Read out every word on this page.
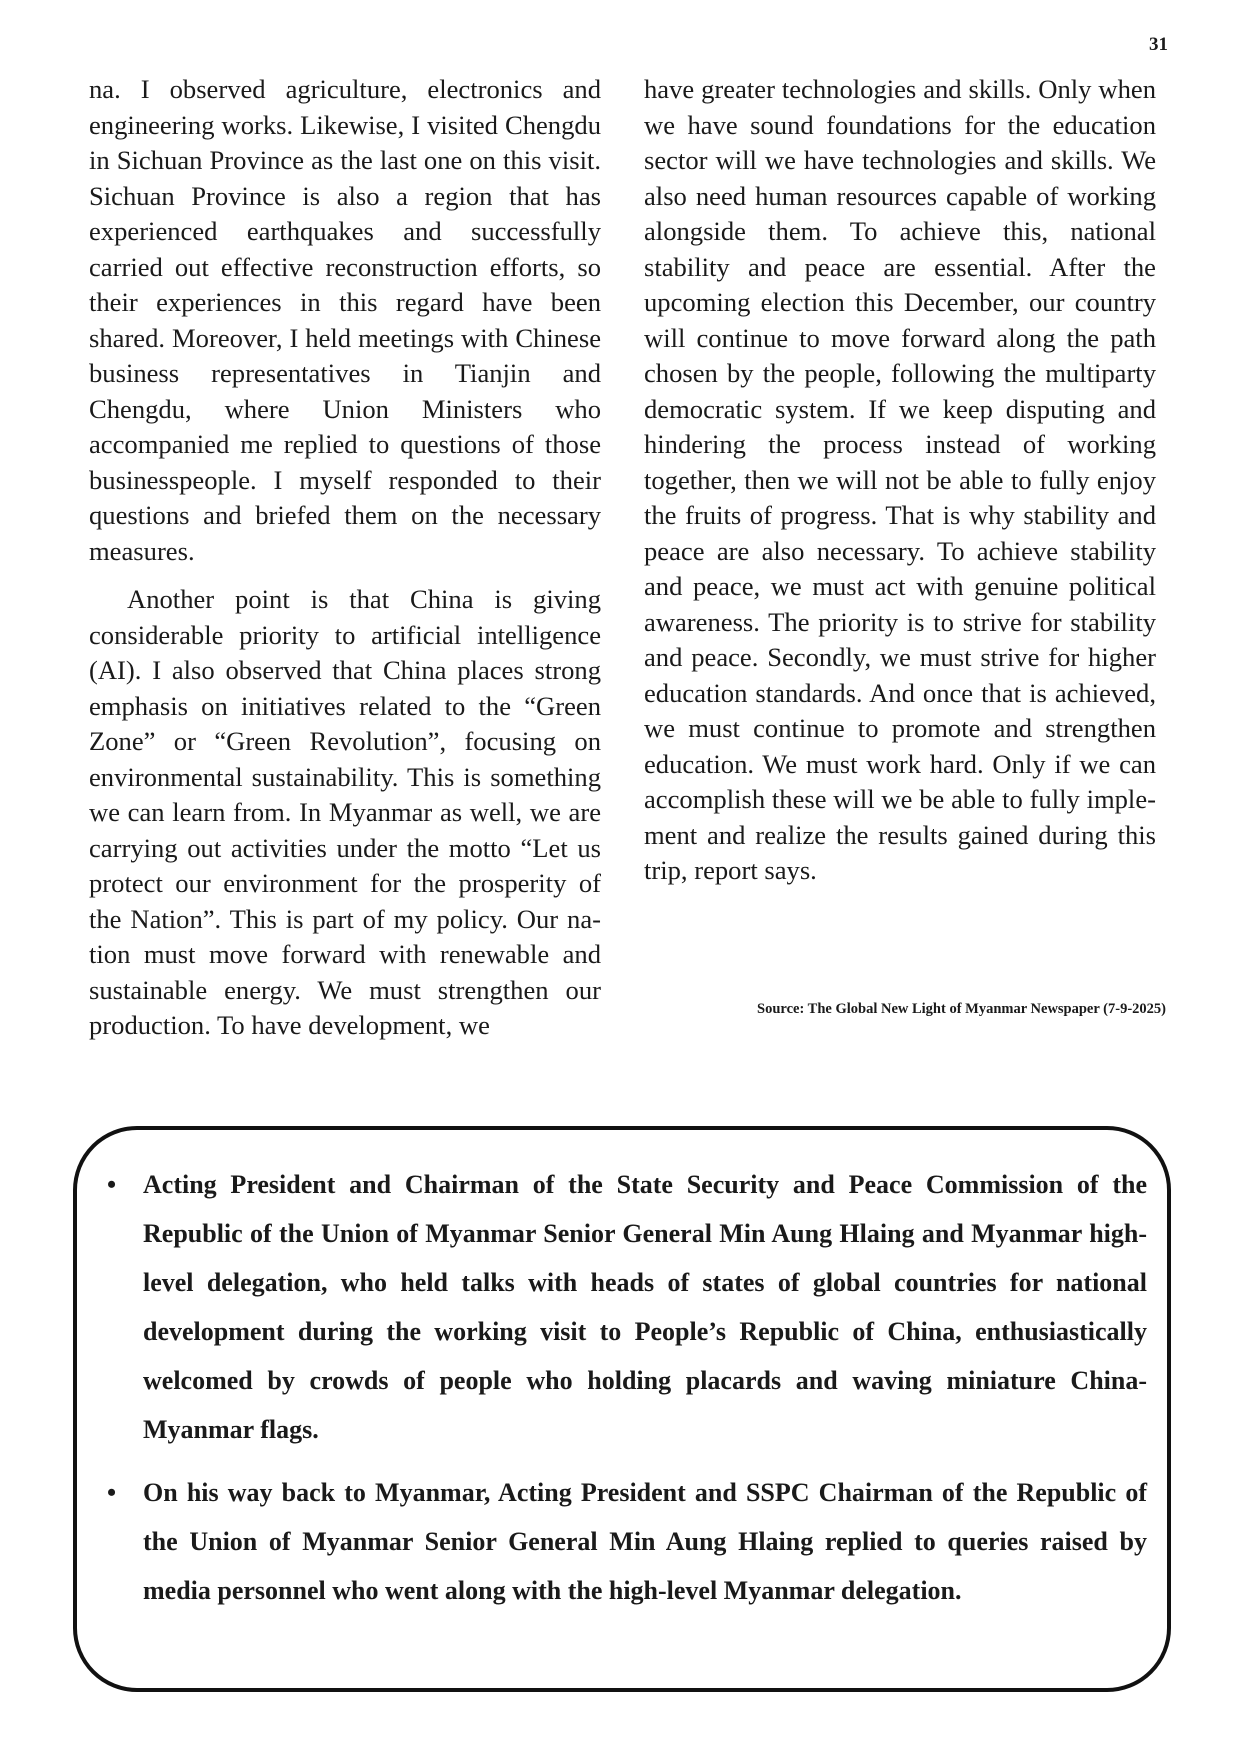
31

na. I observed agriculture, electronics and engineering works. Likewise, I visited Chengdu in Sichuan Province as the last one on this visit. Sichuan Province is also a region that has experienced earthquakes and successfully carried out effective reconstruction efforts, so their experiences in this regard have been shared. Moreover, I held meetings with Chinese business representatives in Tianjin and Chengdu, where Union Ministers who accompanied me replied to questions of those businesspeople. I myself responded to their questions and briefed them on the necessary measures.

Another point is that China is giving considerable priority to artificial intelligence (AI). I also observed that China places strong emphasis on initiatives related to the “Green Zone” or “Green Revolution”, focusing on environmental sustainability. This is something we can learn from. In Myanmar as well, we are carrying out activities under the motto “Let us protect our environment for the prosperity of the Nation”. This is part of my policy. Our nation must move forward with renewable and sustainable energy. We must strengthen our production. To have development, we

have greater technologies and skills. Only when we have sound foundations for the education sector will we have technologies and skills. We also need human resources capable of working alongside them. To achieve this, national stability and peace are essential. After the upcoming election this December, our country will continue to move forward along the path chosen by the people, following the multiparty democratic system. If we keep disputing and hindering the process instead of working together, then we will not be able to fully enjoy the fruits of progress. That is why stability and peace are also necessary. To achieve stability and peace, we must act with genuine political awareness. The priority is to strive for stability and peace. Secondly, we must strive for higher education standards. And once that is achieved, we must continue to promote and strengthen education. We must work hard. Only if we can accomplish these will we be able to fully implement and realize the results gained during this trip, report says.

Source: The Global New Light of Myanmar Newspaper (7-9-2025)
• Acting President and Chairman of the State Security and Peace Commission of the Republic of the Union of Myanmar Senior General Min Aung Hlaing and Myanmar high-level delegation, who held talks with heads of states of global countries for national development during the working visit to People’s Republic of China, enthusiastically welcomed by crowds of people who holding placards and waving miniature China-Myanmar flags.
• On his way back to Myanmar, Acting President and SSPC Chairman of the Republic of the Union of Myanmar Senior General Min Aung Hlaing replied to queries raised by media personnel who went along with the high-level Myanmar delegation.
